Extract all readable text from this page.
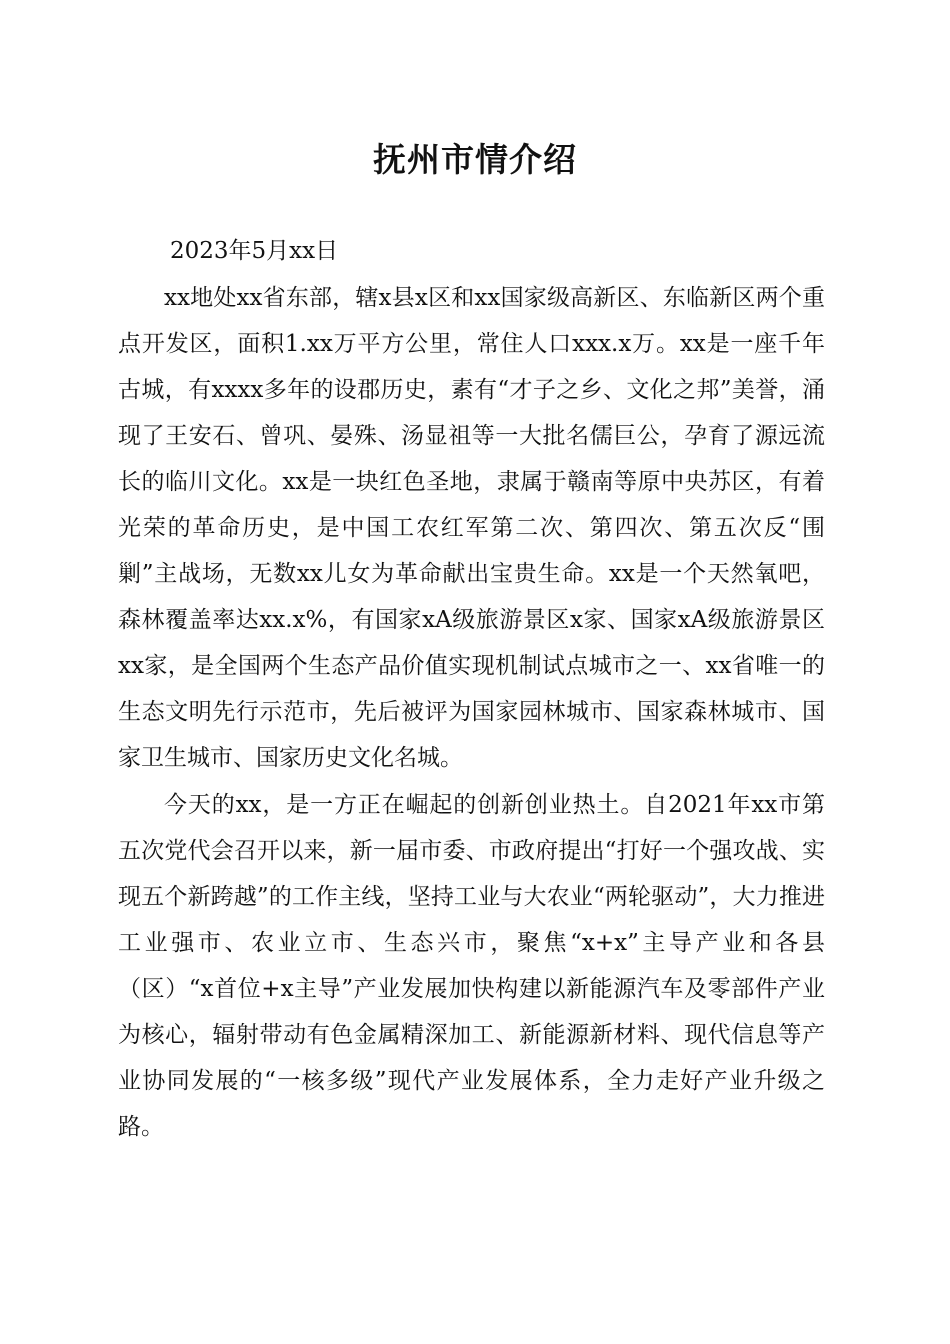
抚州市情介绍
2023年5月xx日

xx地处xx省东部，辖x县x区和xx国家级高新区、东临新区两个重点开发区，面积1.xx万平方公里，常住人口xxx.x万。xx是一座千年古城，有xxxx多年的设郡历史，素有“才子之乡、文化之邦”美誉，涌现了王安石、曾巩、晏殊、汤显祖等一大批名儒巨公，孕育了源远流长的临川文化。xx是一块红色圣地，隶属于赣南等原中央苏区，有着光荣的革命历史，是中国工农红军第二次、第四次、第五次反“围剿”主战场，无数xx儿女为革命献出宝贵生命。xx是一个天然氧吧，森林覆盖率达xx.x%，有国家xA级旅游景区x家、国家xA级旅游景区xx家，是全国两个生态产品价值实现机制试点城市之一、xx省唯一的生态文明先行示范市，先后被评为国家园林城市、国家森林城市、国家卫生城市、国家历史文化名城。

今天的xx，是一方正在崛起的创新创业热土。自2021年xx市第五次党代会召开以来，新一届市委、市政府提出“打好一个强攻战、实现五个新跨越”的工作主线，坚持工业与大农业“两轮驱动”，大力推进工业强市、农业立市、生态兴市，聚焦“x+x”主导产业和各县（区）“x首位+x主导”产业发展加快构建以新能源汽车及零部件产业为核心，辐射带动有色金属精深加工、新能源新材料、现代信息等产业协同发展的“一核多级”现代产业发展体系，全力走好产业升级之路。
